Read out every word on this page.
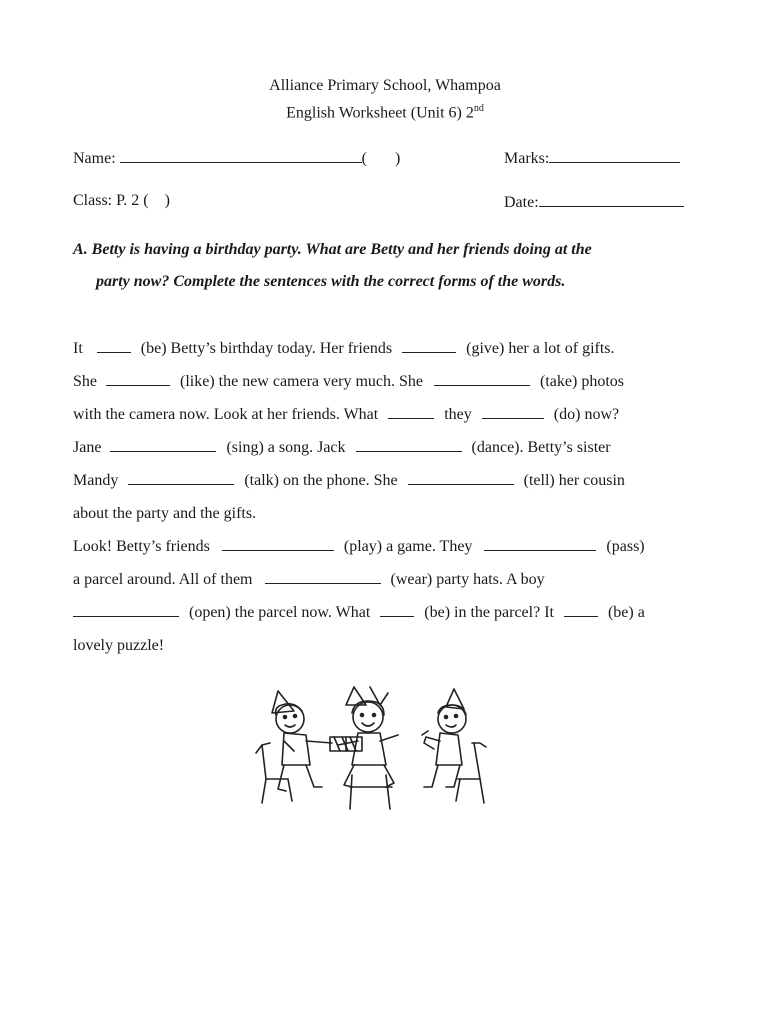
Alliance Primary School, Whampoa
English Worksheet (Unit 6) 2nd
Name:	( )	Marks:
Class: P. 2 ( )	Date:
A. Betty is having a birthday party. What are Betty and her friends doing at the
party now? Complete the sentences with the correct forms of the words.
It	(be) Betty’s birthday today. Her friends	(give) her a lot of gifts.
She	(like) the new camera very much. She	(take) photos
with the camera now. Look at her friends. What	they	(do) now?
Jane	(sing) a song. Jack	(dance). Betty’s sister
Mandy	(talk) on the phone. She	(tell) her cousin
about the party and the gifts.
Look! Betty’s friends	(play) a game. They	(pass)
a parcel around. All of them	(wear) party hats. A boy
(open) the parcel now. What	(be) in the parcel? It	(be) a
lovely puzzle!
